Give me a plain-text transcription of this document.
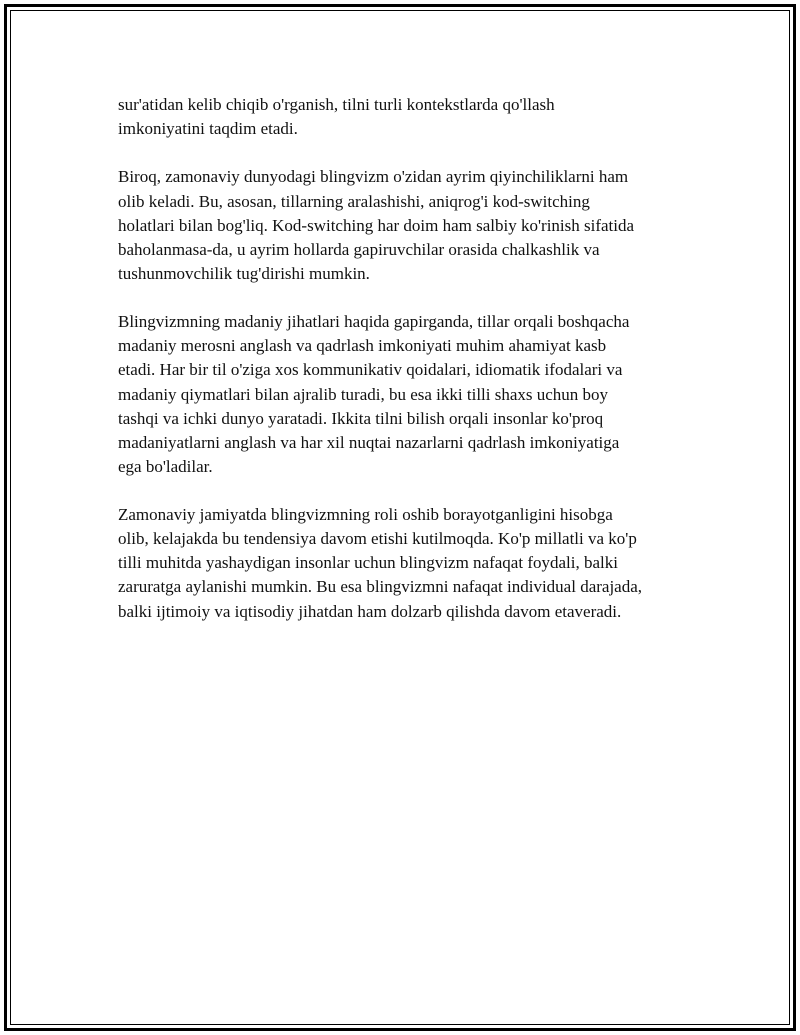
sur'atidan kelib chiqib o'rganish, tilni turli kontekstlarda qo'llash
imkoniyatini taqdim etadi.

Biroq, zamonaviy dunyodagi blingvizm o'zidan ayrim qiyinchiliklarni ham
olib keladi. Bu, asosan, tillarning aralashishi, aniqrog'i kod-switching
holatlari bilan bog'liq. Kod-switching har doim ham salbiy ko'rinish sifatida
baholanmasa-da, u ayrim hollarda gapiruvchilar orasida chalkashlik va
tushunmovchilik tug'dirishi mumkin.

Blingvizmning madaniy jihatlari haqida gapirganda, tillar orqali boshqacha
madaniy merosni anglash va qadrlash imkoniyati muhim ahamiyat kasb
etadi. Har bir til o'ziga xos kommunikativ qoidalari, idiomatik ifodalari va
madaniy qiymatlari bilan ajralib turadi, bu esa ikki tilli shaxs uchun boy
tashqi va ichki dunyo yaratadi. Ikkita tilni bilish orqali insonlar ko'proq
madaniyatlarni anglash va har xil nuqtai nazarlarni qadrlash imkoniyatiga
ega bo'ladilar.

Zamonaviy jamiyatda blingvizmning roli oshib borayotganligini hisobga
olib, kelajakda bu tendensiya davom etishi kutilmoqda. Ko'p millatli va ko'p
tilli muhitda yashaydigan insonlar uchun blingvizm nafaqat foydali, balki
zaruratga aylanishi mumkin. Bu esa blingvizmni nafaqat individual darajada,
balki ijtimoiy va iqtisodiy jihatdan ham dolzarb qilishda davom etaveradi.
